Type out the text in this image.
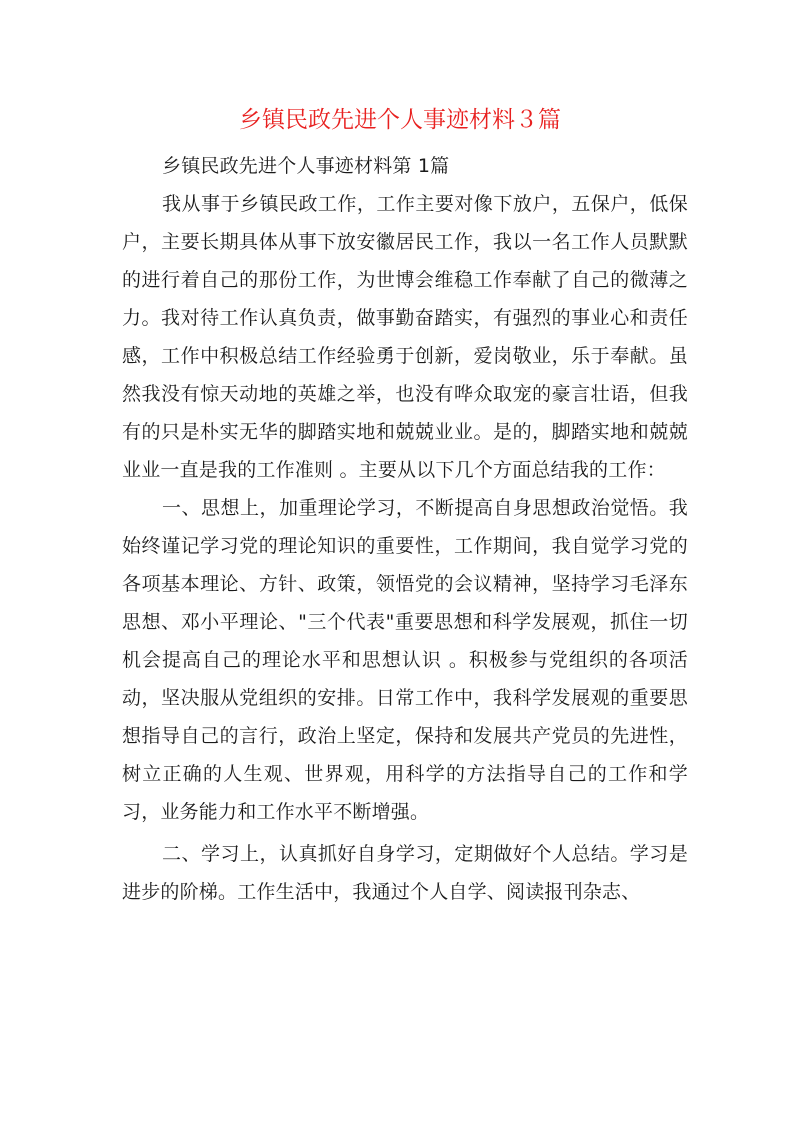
乡镇民政先进个人事迹材料３篇

乡镇民政先进个人事迹材料第 1篇

我从事于乡镇民政工作，工作主要对像下放户，五保户，低保户，主要长期具体从事下放安徽居民工作，我以一名工作人员默默的进行着自己的那份工作，为世博会维稳工作奉献了自己的微薄之力。我对待工作认真负责，做事勤奋踏实，有强烈的事业心和责任感，工作中积极总结工作经验勇于创新，爱岗敬业，乐于奉献。虽然我没有惊天动地的英雄之举，也没有哗众取宠的豪言壮语，但我有的只是朴实无华的脚踏实地和兢兢业业。是的，脚踏实地和兢兢业业一直是我的工作准则 。主要从以下几个方面总结我的工作：

一、思想上，加重理论学习，不断提高自身思想政治觉悟。我始终谨记学习党的理论知识的重要性，工作期间，我自觉学习党的各项基本理论、方针、政策，领悟党的会议精神，坚持学习毛泽东思想、邓小平理论、"三个代表"重要思想和科学发展观，抓住一切机会提高自己的理论水平和思想认识 。积极参与党组织的各项活动，坚决服从党组织的安排。日常工作中，我科学发展观的重要思想指导自己的言行，政治上坚定，保持和发展共产党员的先进性，树立正确的人生观、世界观，用科学的方法指导自己的工作和学习，业务能力和工作水平不断增强。

二、学习上，认真抓好自身学习，定期做好个人总结。学习是进步的阶梯。工作生活中，我通过个人自学、阅读报刊杂志、
